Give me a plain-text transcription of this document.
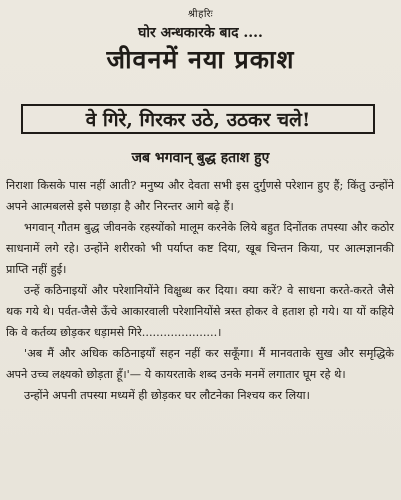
श्रीहरिः
घोर अन्धकारके बाद ....
जीवनमें नया प्रकाश
वे गिरे, गिरकर उठे, उठकर चले!
जब भगवान् बुद्ध हताश हुए

निराशा किसके पास नहीं आती? मनुष्य और देवता सभी इस दुर्गुणसे परेशान हुए हैं; किंतु उन्होंने अपने आत्मबलसे इसे पछाड़ा है और निरन्तर आगे बढ़े हैं।

भगवान् गौतम बुद्ध जीवनके रहस्योंको मालूम करनेके लिये बहुत दिनोंतक तपस्या और कठोर साधनामें लगे रहे। उन्होंने शरीरको भी पर्याप्त कष्ट दिया, खूब चिन्तन किया, पर आत्मज्ञानकी प्राप्ति नहीं हुई।

उन्हें कठिनाइयों और परेशानियोंने विक्षुब्ध कर दिया। क्या करें? वे साधना करते-करते जैसे थक गये थे। पर्वत-जैसे ऊँचे आकारवाली परेशानियोंसे त्रस्त होकर वे हताश हो गये। या यों कहिये कि वे कर्तव्य छोड़कर धड़ामसे गिरे.....................।

'अब मैं और अधिक कठिनाइयाँ सहन नहीं कर सकूँगा। मैं मानवताके सुख और समृद्धिके अपने उच्च लक्ष्यको छोड़ता हूँ।'— ये कायरताके शब्द उनके मनमें लगातार घूम रहे थे।

उन्होंने अपनी तपस्या मध्यमें ही छोड़कर घर लौटनेका निश्चय कर लिया।
